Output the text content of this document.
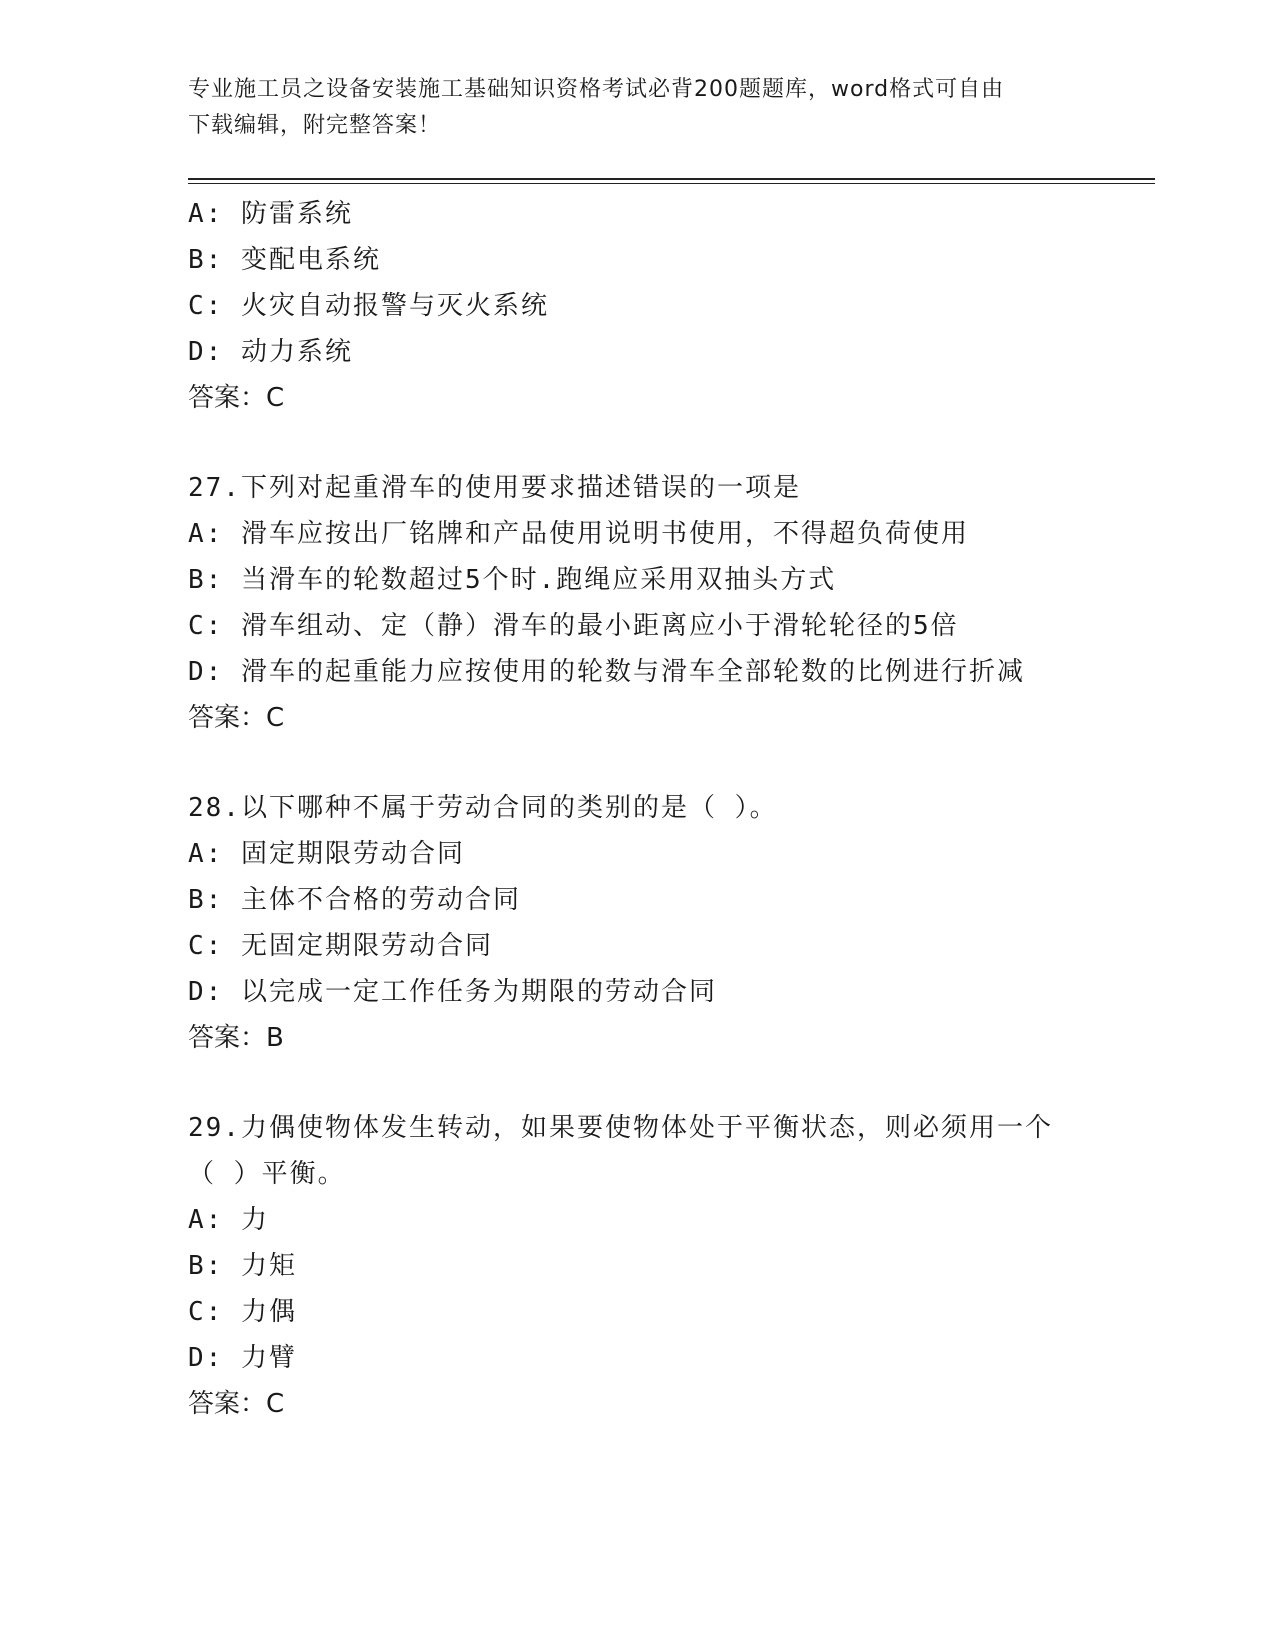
专业施工员之设备安装施工基础知识资格考试必背200题题库，word格式可自由
下载编辑，附完整答案！
A: 防雷系统
B: 变配电系统
C: 火灾自动报警与灭火系统
D: 动力系统
答案：C
27.下列对起重滑车的使用要求描述错误的一项是
A: 滑车应按出厂铭牌和产品使用说明书使用，不得超负荷使用
B: 当滑车的轮数超过5个时.跑绳应采用双抽头方式
C: 滑车组动、定（静）滑车的最小距离应小于滑轮轮径的5倍
D: 滑车的起重能力应按使用的轮数与滑车全部轮数的比例进行折减
答案：C
28.以下哪种不属于劳动合同的类别的是（ ）。
A: 固定期限劳动合同
B: 主体不合格的劳动合同
C: 无固定期限劳动合同
D: 以完成一定工作任务为期限的劳动合同
答案：B
29.力偶使物体发生转动，如果要使物体处于平衡状态，则必须用一个
（ ）平衡。
A: 力
B: 力矩
C: 力偶
D: 力臂
答案：C
